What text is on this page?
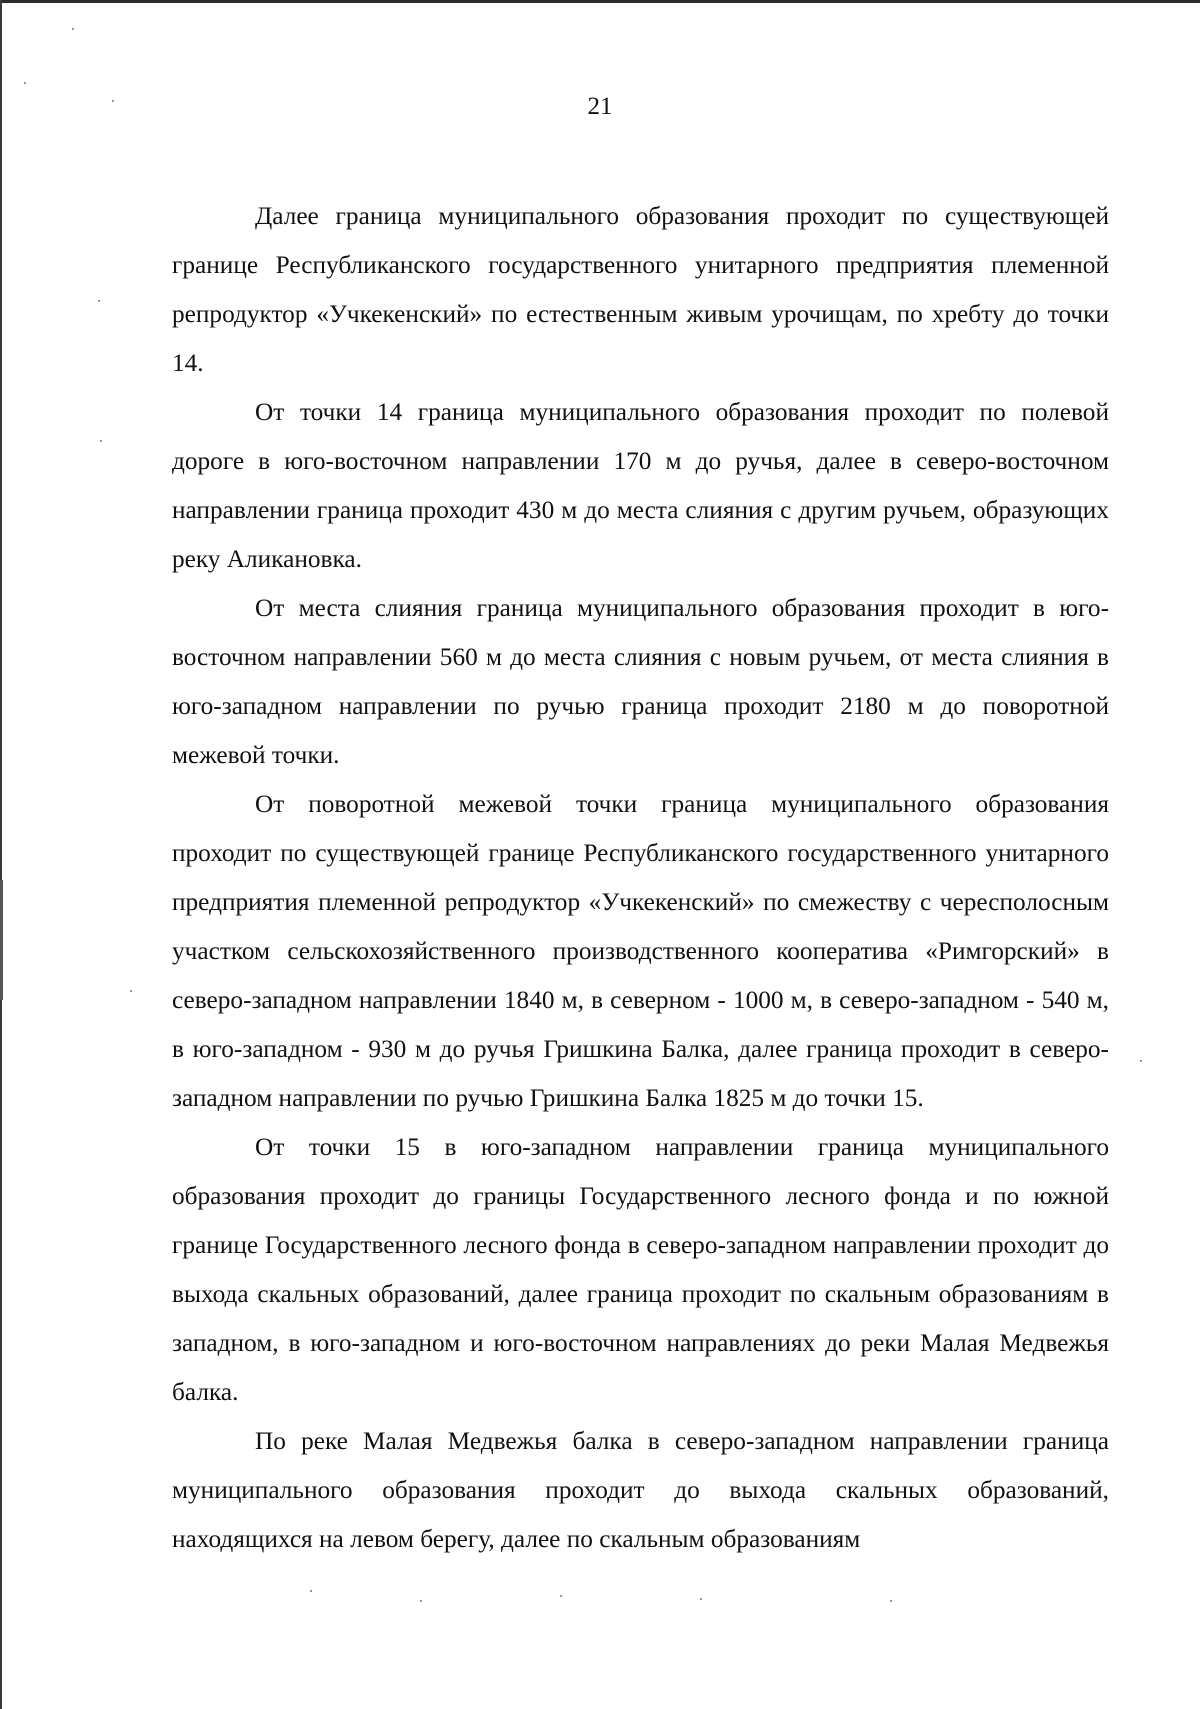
21

Далее граница муниципального образования проходит по существующей границе Республиканского государственного унитарного предприятия племенной репродуктор «Учкекенский» по естественным живым урочищам, по хребту до точки 14.

От точки 14 граница муниципального образования проходит по полевой дороге в юго-восточном направлении 170 м до ручья, далее в северо-восточном направлении граница проходит 430 м до места слияния с другим ручьем, образующих реку Аликановка.

От места слияния граница муниципального образования проходит в юго-восточном направлении 560 м до места слияния с новым ручьем, от места слияния в юго-западном направлении по ручью граница проходит 2180 м до поворотной межевой точки.

От поворотной межевой точки граница муниципального образования проходит по существующей границе Республиканского государственного унитарного предприятия племенной репродуктор «Учкекенский» по смежеству с чересполосным участком сельскохозяйственного производственного кооператива «Римгорский» в северо-западном направлении 1840 м, в северном - 1000 м, в северо-западном - 540 м, в юго-западном - 930 м до ручья Гришкина Балка, далее граница проходит в северо-западном направлении по ручью Гришкина Балка 1825 м до точки 15.

От точки 15 в юго-западном направлении граница муниципального образования проходит до границы Государственного лесного фонда и по южной границе Государственного лесного фонда в северо-западном направлении проходит до выхода скальных образований, далее граница проходит по скальным образованиям в западном, в юго-западном и юго-восточном направлениях до реки Малая Медвежья балка.

По реке Малая Медвежья балка в северо-западном направлении граница муниципального образования проходит до выхода скальных образований, находящихся на левом берегу, далее по скальным образованиям
